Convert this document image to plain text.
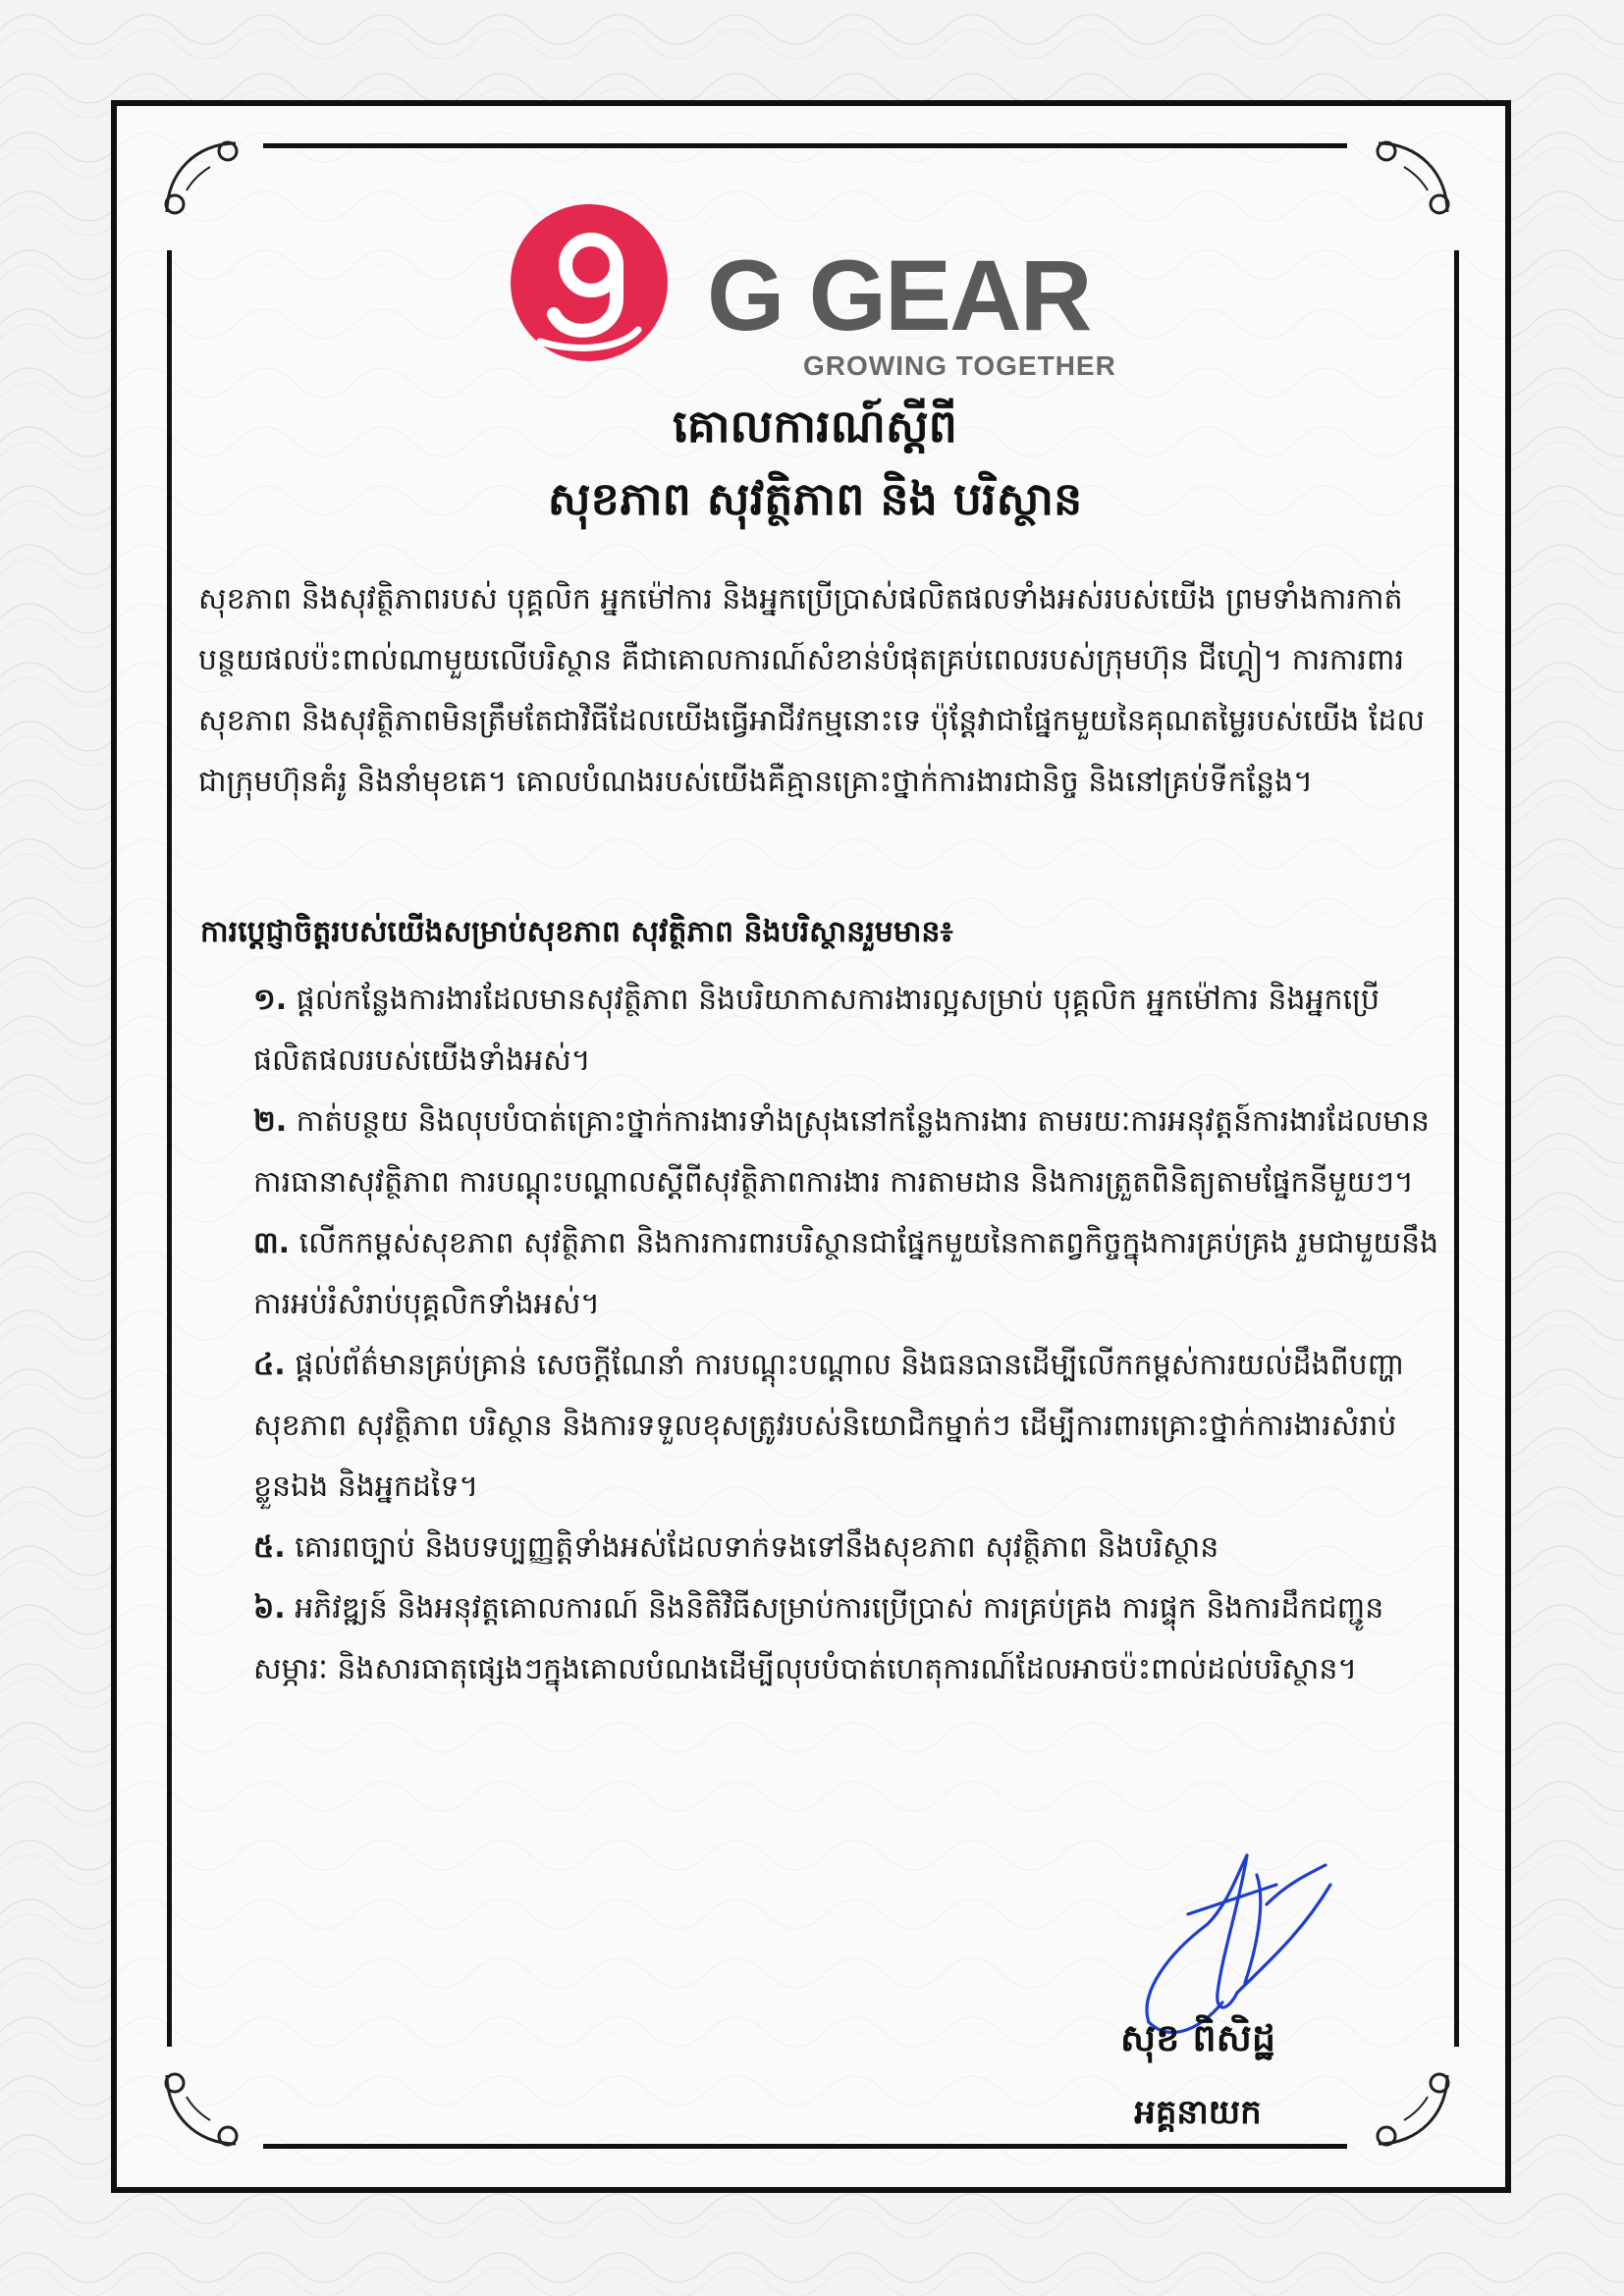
G GEAR
GROWING TOGETHER
គោលការណ៍ស្តីពី
សុខភាព សុវត្ថិភាព និង បរិស្ថាន
សុខភាព និងសុវត្ថិភាពរបស់ បុគ្គលិក អ្នកម៉ៅការ និងអ្នកប្រើប្រាស់ផលិតផលទាំងអស់របស់យើង ព្រមទាំងការកាត់បន្ថយផលប៉ះពាល់ណាមួយលើបរិស្ថាន គឺជាគោលការណ៍សំខាន់បំផុតគ្រប់ពេលរបស់ក្រុមហ៊ុន ជីហ្គៀ។ ការការពារសុខភាព និងសុវត្ថិភាពមិនត្រឹមតែជាវិធីដែលយើងធ្វើអាជីវកម្មនោះទេ ប៉ុន្តែវាជាផ្នែកមួយនៃគុណតម្លៃរបស់យើង ដែលជាក្រុមហ៊ុនគំរូ និងនាំមុខគេ។ គោលបំណងរបស់យើងគឺគ្មានគ្រោះថ្នាក់ការងារជានិច្ច និងនៅគ្រប់ទីកន្លែង។
ការប្តេជ្ញាចិត្តរបស់យើងសម្រាប់សុខភាព សុវត្ថិភាព និងបរិស្ថានរួមមាន៖

១. ផ្តល់កន្លែងការងារដែលមានសុវត្ថិភាព និងបរិយាកាសការងារល្អសម្រាប់ បុគ្គលិក អ្នកម៉ៅការ និងអ្នកប្រើផលិតផលរបស់យើងទាំងអស់។

២. កាត់បន្ថយ និងលុបបំបាត់គ្រោះថ្នាក់ការងារទាំងស្រុងនៅកន្លែងការងារ តាមរយៈការអនុវត្តន៍ការងារដែលមានការធានាសុវត្ថិភាព ការបណ្តុះបណ្តាលស្តីពីសុវត្ថិភាពការងារ ការតាមដាន និងការត្រួតពិនិត្យតាមផ្នែកនីមួយៗ។

៣. លើកកម្ពស់សុខភាព សុវត្ថិភាព និងការការពារបរិស្ថានជាផ្នែកមួយនៃកាតព្វកិច្ចក្នុងការគ្រប់គ្រង រួមជាមួយនឹងការអប់រំសំរាប់បុគ្គលិកទាំងអស់។

៤. ផ្តល់ព័ត៌មានគ្រប់គ្រាន់ សេចក្តីណែនាំ ការបណ្តុះបណ្តាល និងធនធានដើម្បីលើកកម្ពស់ការយល់ដឹងពីបញ្ហាសុខភាព សុវត្ថិភាព បរិស្ថាន និងការទទួលខុសត្រូវរបស់និយោជិកម្នាក់ៗ ដើម្បីការពារគ្រោះថ្នាក់ការងារសំរាប់ខ្លួនឯង និងអ្នកដទៃ។

៥. គោរពច្បាប់ និងបទប្បញ្ញត្តិទាំងអស់ដែលទាក់ទងទៅនឹងសុខភាព សុវត្ថិភាព និងបរិស្ថាន

៦. អភិវឌ្ឍន៍ និងអនុវត្តគោលការណ៍ និងនិតិវិធីសម្រាប់ការប្រើប្រាស់ ការគ្រប់គ្រង ការផ្ទុក និងការដឹកជញ្ជូនសម្ភារៈ និងសារធាតុផ្សេងៗក្នុងគោលបំណងដើម្បីលុបបំបាត់ហេតុការណ៍ដែលអាចប៉ះពាល់ដល់បរិស្ថាន។

សុខ ពិសិដ្ឋ
អគ្គនាយក
